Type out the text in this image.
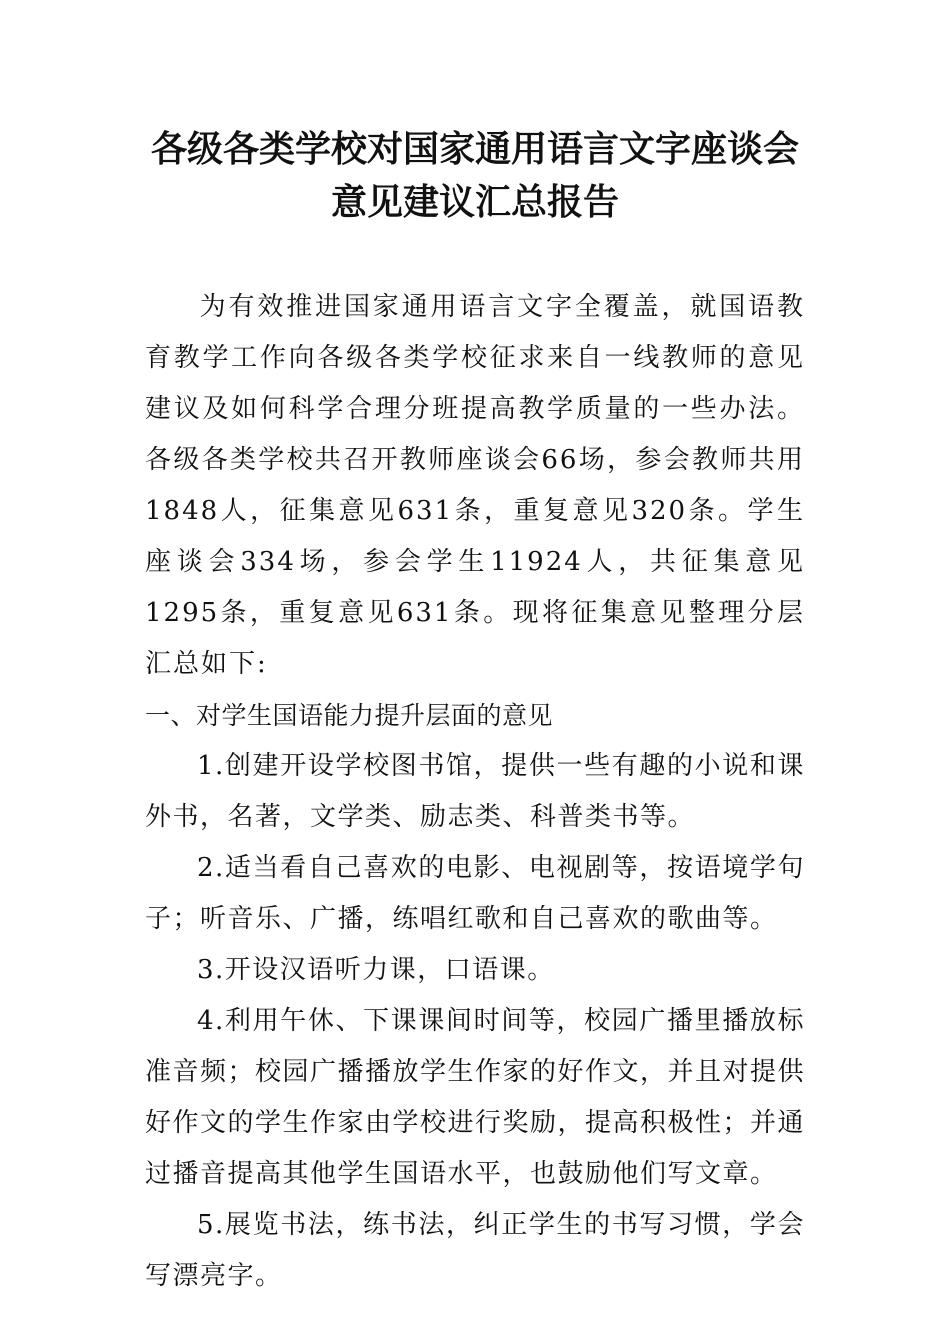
各级各类学校对国家通用语言文字座谈会
意见建议汇总报告

为有效推进国家通用语言文字全覆盖，就国语教育教学工作向各级各类学校征求来自一线教师的意见建议及如何科学合理分班提高教学质量的一些办法。各级各类学校共召开教师座谈会66场，参会教师共用1848人，征集意见631条，重复意见320条。学生座谈会334场，参会学生11924人，共征集意见1295条，重复意见631条。现将征集意见整理分层汇总如下:

一、对学生国语能力提升层面的意见

1.创建开设学校图书馆，提供一些有趣的小说和课外书，名著，文学类、励志类、科普类书等。

2.适当看自己喜欢的电影、电视剧等，按语境学句子；听音乐、广播，练唱红歌和自己喜欢的歌曲等。

3.开设汉语听力课，口语课。

4.利用午休、下课课间时间等，校园广播里播放标准音频；校园广播播放学生作家的好作文，并且对提供好作文的学生作家由学校进行奖励，提高积极性；并通过播音提高其他学生国语水平，也鼓励他们写文章。

5.展览书法，练书法，纠正学生的书写习惯，学会写漂亮字。
